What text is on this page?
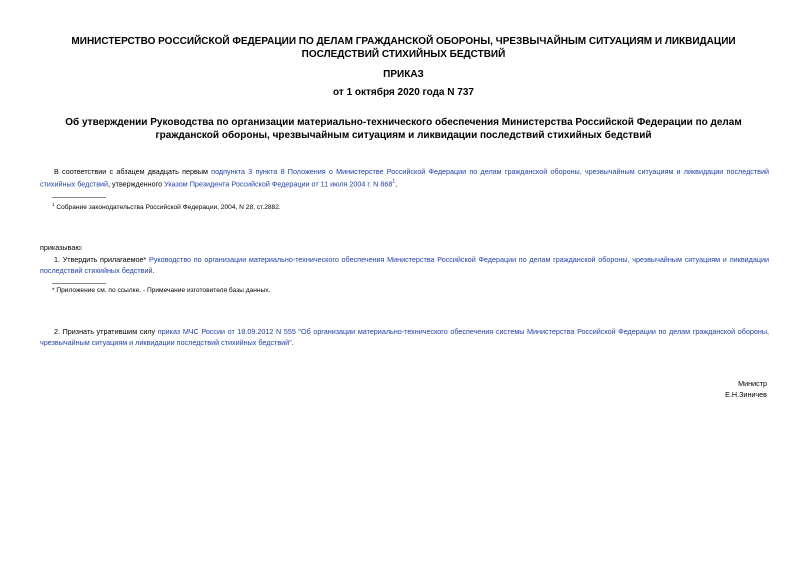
МИНИСТЕРСТВО РОССИЙСКОЙ ФЕДЕРАЦИИ ПО ДЕЛАМ ГРАЖДАНСКОЙ ОБОРОНЫ, ЧРЕЗВЫЧАЙНЫМ СИТУАЦИЯМ И ЛИКВИДАЦИИ ПОСЛЕДСТВИЙ СТИХИЙНЫХ БЕДСТВИЙ
ПРИКАЗ
от 1 октября 2020 года N 737
Об утверждении Руководства по организации материально-технического обеспечения Министерства Российской Федерации по делам гражданской обороны, чрезвычайным ситуациям и ликвидации последствий стихийных бедствий
В соответствии с абзацем двадцать первым подпункта 3 пункта 8 Положения о Министерстве Российской Федерации по делам гражданской обороны, чрезвычайным ситуациям и ликвидации последствий стихийных бедствий, утвержденного Указом Президента Российской Федерации от 11 июля 2004 г. N $868^1$,
$^1$ Собрание законодательства Российской Федерации, 2004, N 28, ст.2882.
приказываю:
1. Утвердить прилагаемое* Руководство по организации материально-технического обеспечения Министерства Российской Федерации по делам гражданской обороны, чрезвычайным ситуациям и ликвидации последствий стихийных бедствий.
* Приложение см. по ссылке. - Примечание изготовителя базы данных.
2. Признать утратившим силу приказ МЧС России от 18.09.2012 N 555 "Об организации материально-технического обеспечения системы Министерства Российской Федерации по делам гражданской обороны, чрезвычайным ситуациям и ликвидации последствий стихийных бедствий".
Министр
Е.Н.Зиничев
